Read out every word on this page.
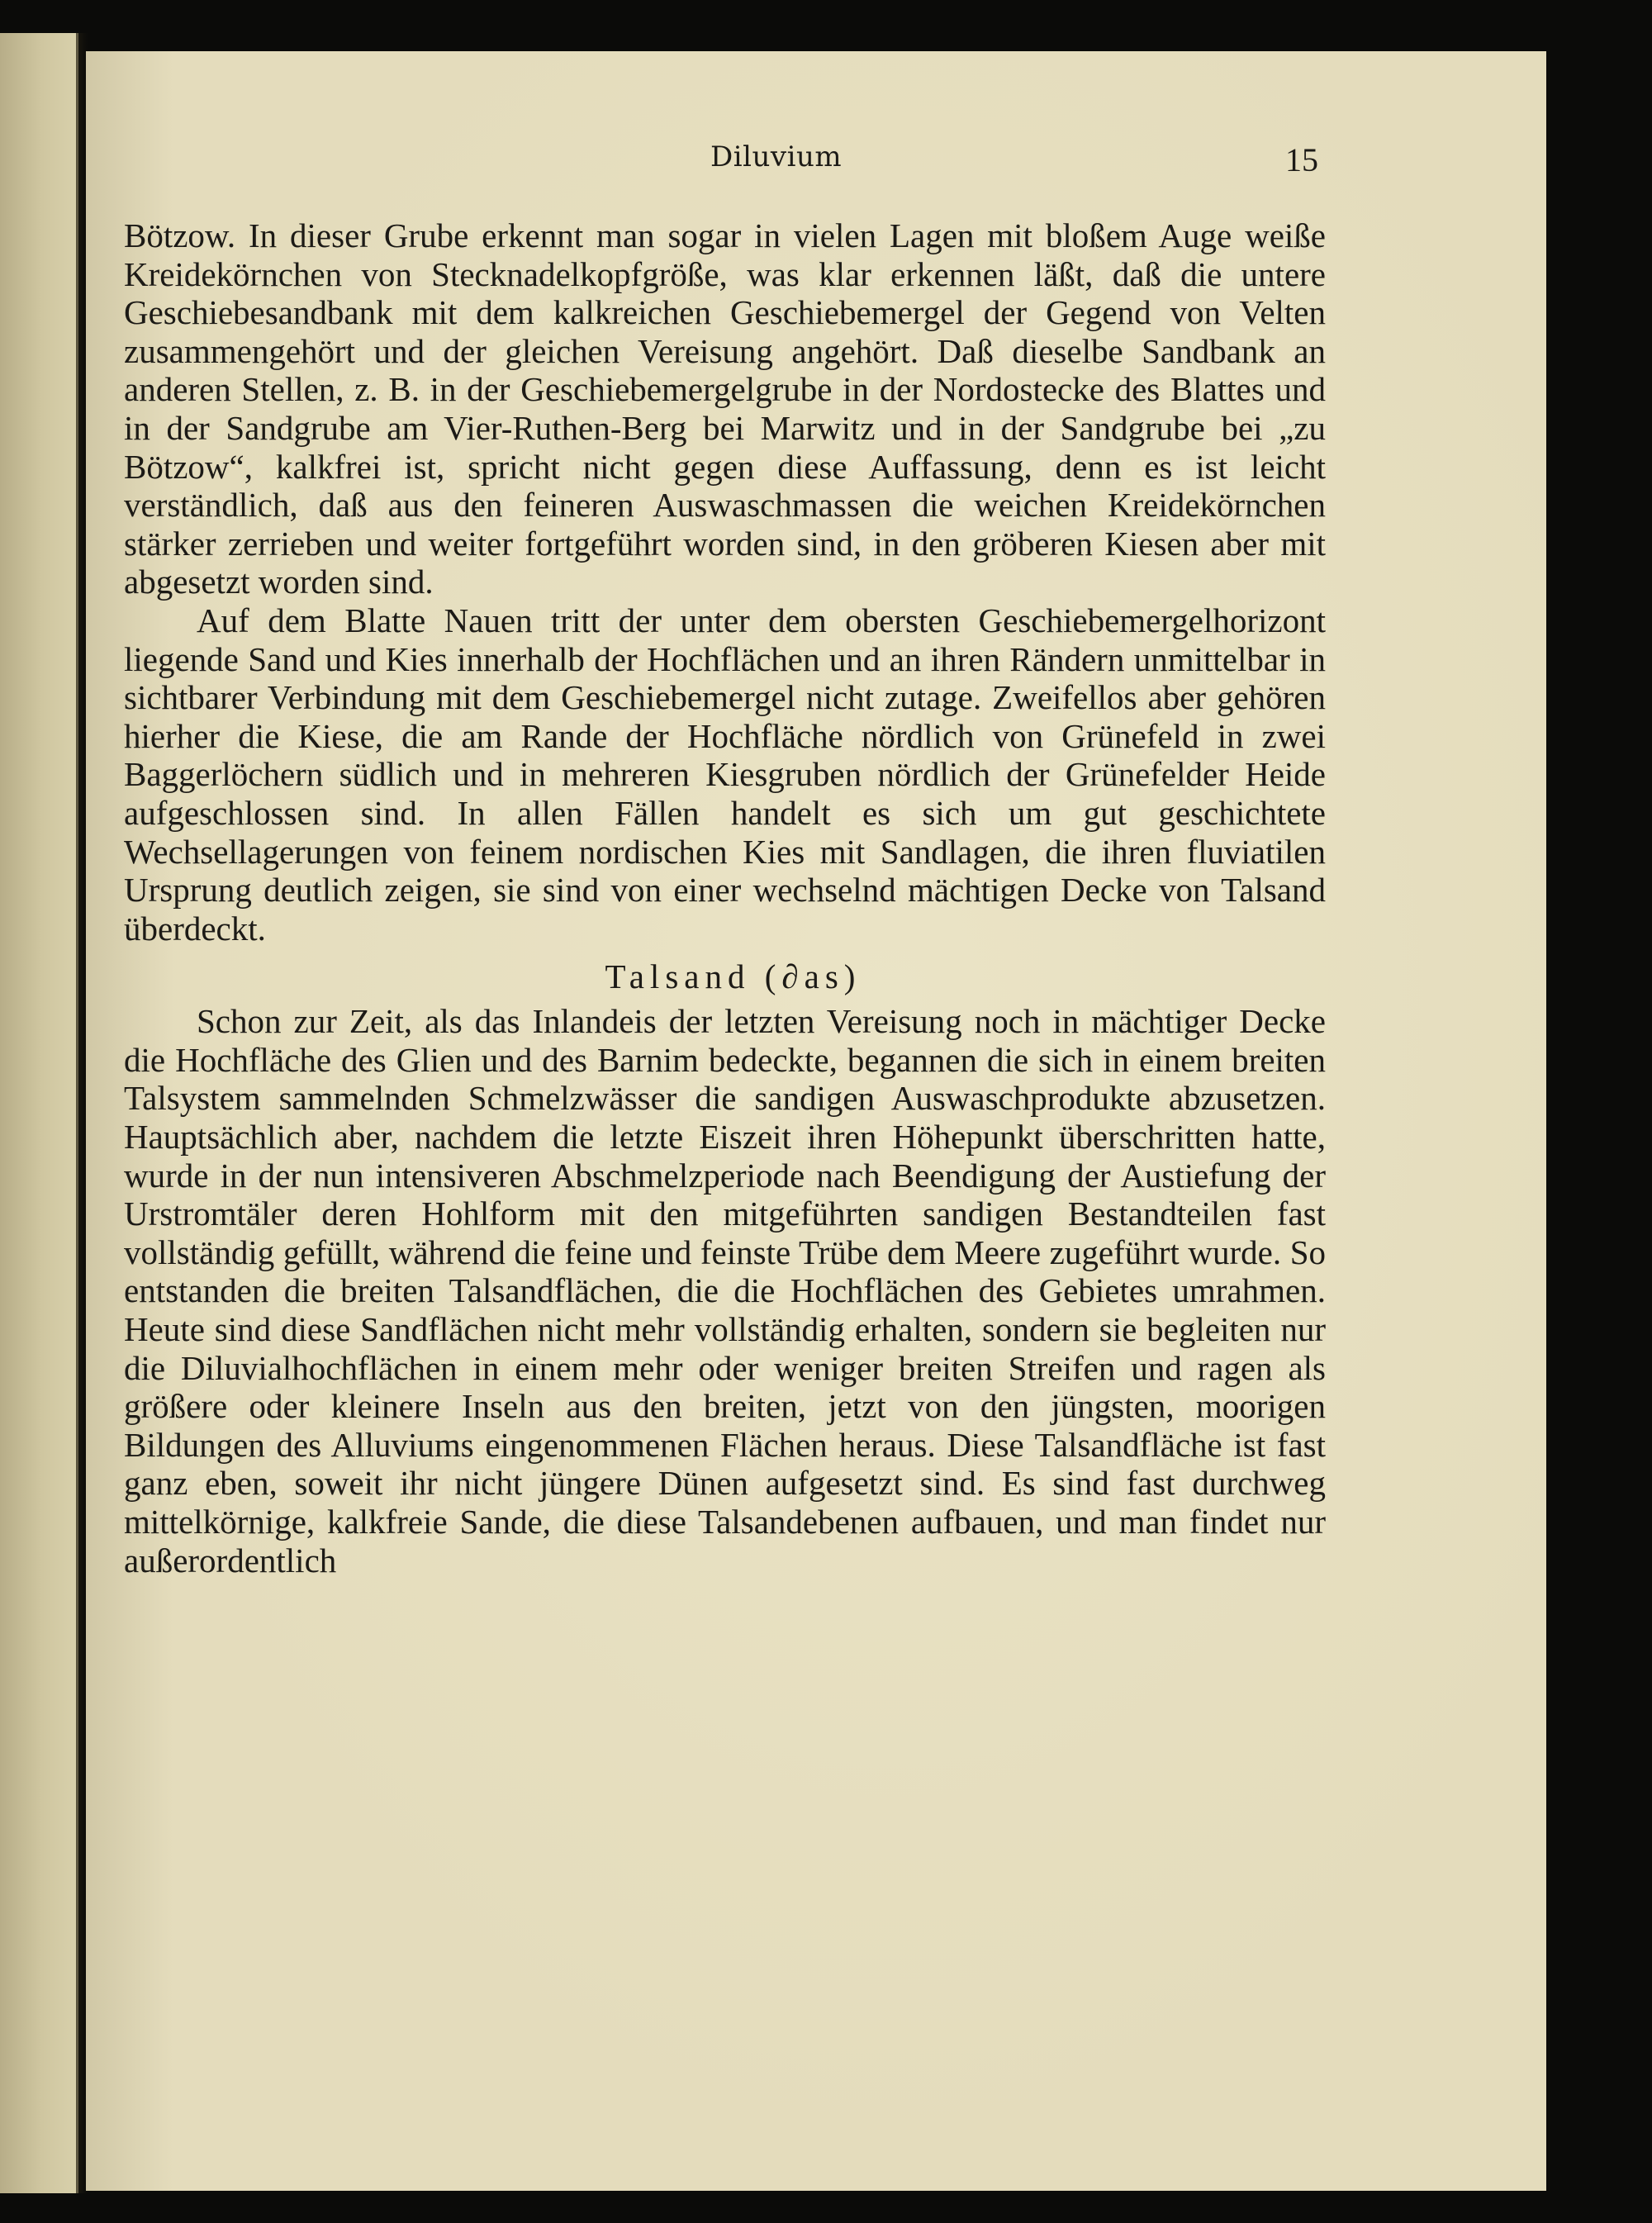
Diluvium	15

Bötzow. In dieser Grube erkennt man sogar in vielen Lagen mit bloßem Auge weiße Kreidekörnchen von Stecknadelkopfgröße, was klar erkennen läßt, daß die untere Geschiebesandbank mit dem kalkreichen Geschiebemergel der Gegend von Velten zusammengehört und der gleichen Vereisung angehört. Daß dieselbe Sandbank an anderen Stellen, z. B. in der Geschiebemergelgrube in der Nordostecke des Blattes und in der Sandgrube am Vier-Ruthen-Berg bei Marwitz und in der Sandgrube bei „zu Bötzow“, kalkfrei ist, spricht nicht gegen diese Auffassung, denn es ist leicht verständlich, daß aus den feineren Auswaschmassen die weichen Kreidekörnchen stärker zerrieben und weiter fortgeführt worden sind, in den gröberen Kiesen aber mit abgesetzt worden sind.

Auf dem Blatte Nauen tritt der unter dem obersten Geschiebemergelhorizont liegende Sand und Kies innerhalb der Hochflächen und an ihren Rändern unmittelbar in sichtbarer Verbindung mit dem Geschiebemergel nicht zutage. Zweifellos aber gehören hierher die Kiese, die am Rande der Hochfläche nördlich von Grünefeld in zwei Baggerlöchern südlich und in mehreren Kiesgruben nördlich der Grünefelder Heide aufgeschlossen sind. In allen Fällen handelt es sich um gut geschichtete Wechsellagerungen von feinem nordischen Kies mit Sandlagen, die ihren fluviatilen Ursprung deutlich zeigen, sie sind von einer wechselnd mächtigen Decke von Talsand überdeckt.

Talsand (∂as)

Schon zur Zeit, als das Inlandeis der letzten Vereisung noch in mächtiger Decke die Hochfläche des Glien und des Barnim bedeckte, begannen die sich in einem breiten Talsystem sammelnden Schmelzwässer die sandigen Auswaschprodukte abzusetzen. Hauptsächlich aber, nachdem die letzte Eiszeit ihren Höhepunkt überschritten hatte, wurde in der nun intensiveren Abschmelzperiode nach Beendigung der Austiefung der Urstromtäler deren Hohlform mit den mitgeführten sandigen Bestandteilen fast vollständig gefüllt, während die feine und feinste Trübe dem Meere zugeführt wurde. So entstanden die breiten Talsandflächen, die die Hochflächen des Gebietes umrahmen. Heute sind diese Sandflächen nicht mehr vollständig erhalten, sondern sie begleiten nur die Diluvialhochflächen in einem mehr oder weniger breiten Streifen und ragen als größere oder kleinere Inseln aus den breiten, jetzt von den jüngsten, moorigen Bildungen des Alluviums eingenommenen Flächen heraus. Diese Talsandfläche ist fast ganz eben, soweit ihr nicht jüngere Dünen aufgesetzt sind. Es sind fast durchweg mittelkörnige, kalkfreie Sande, die diese Talsandebenen aufbauen, und man findet nur außerordentlich
